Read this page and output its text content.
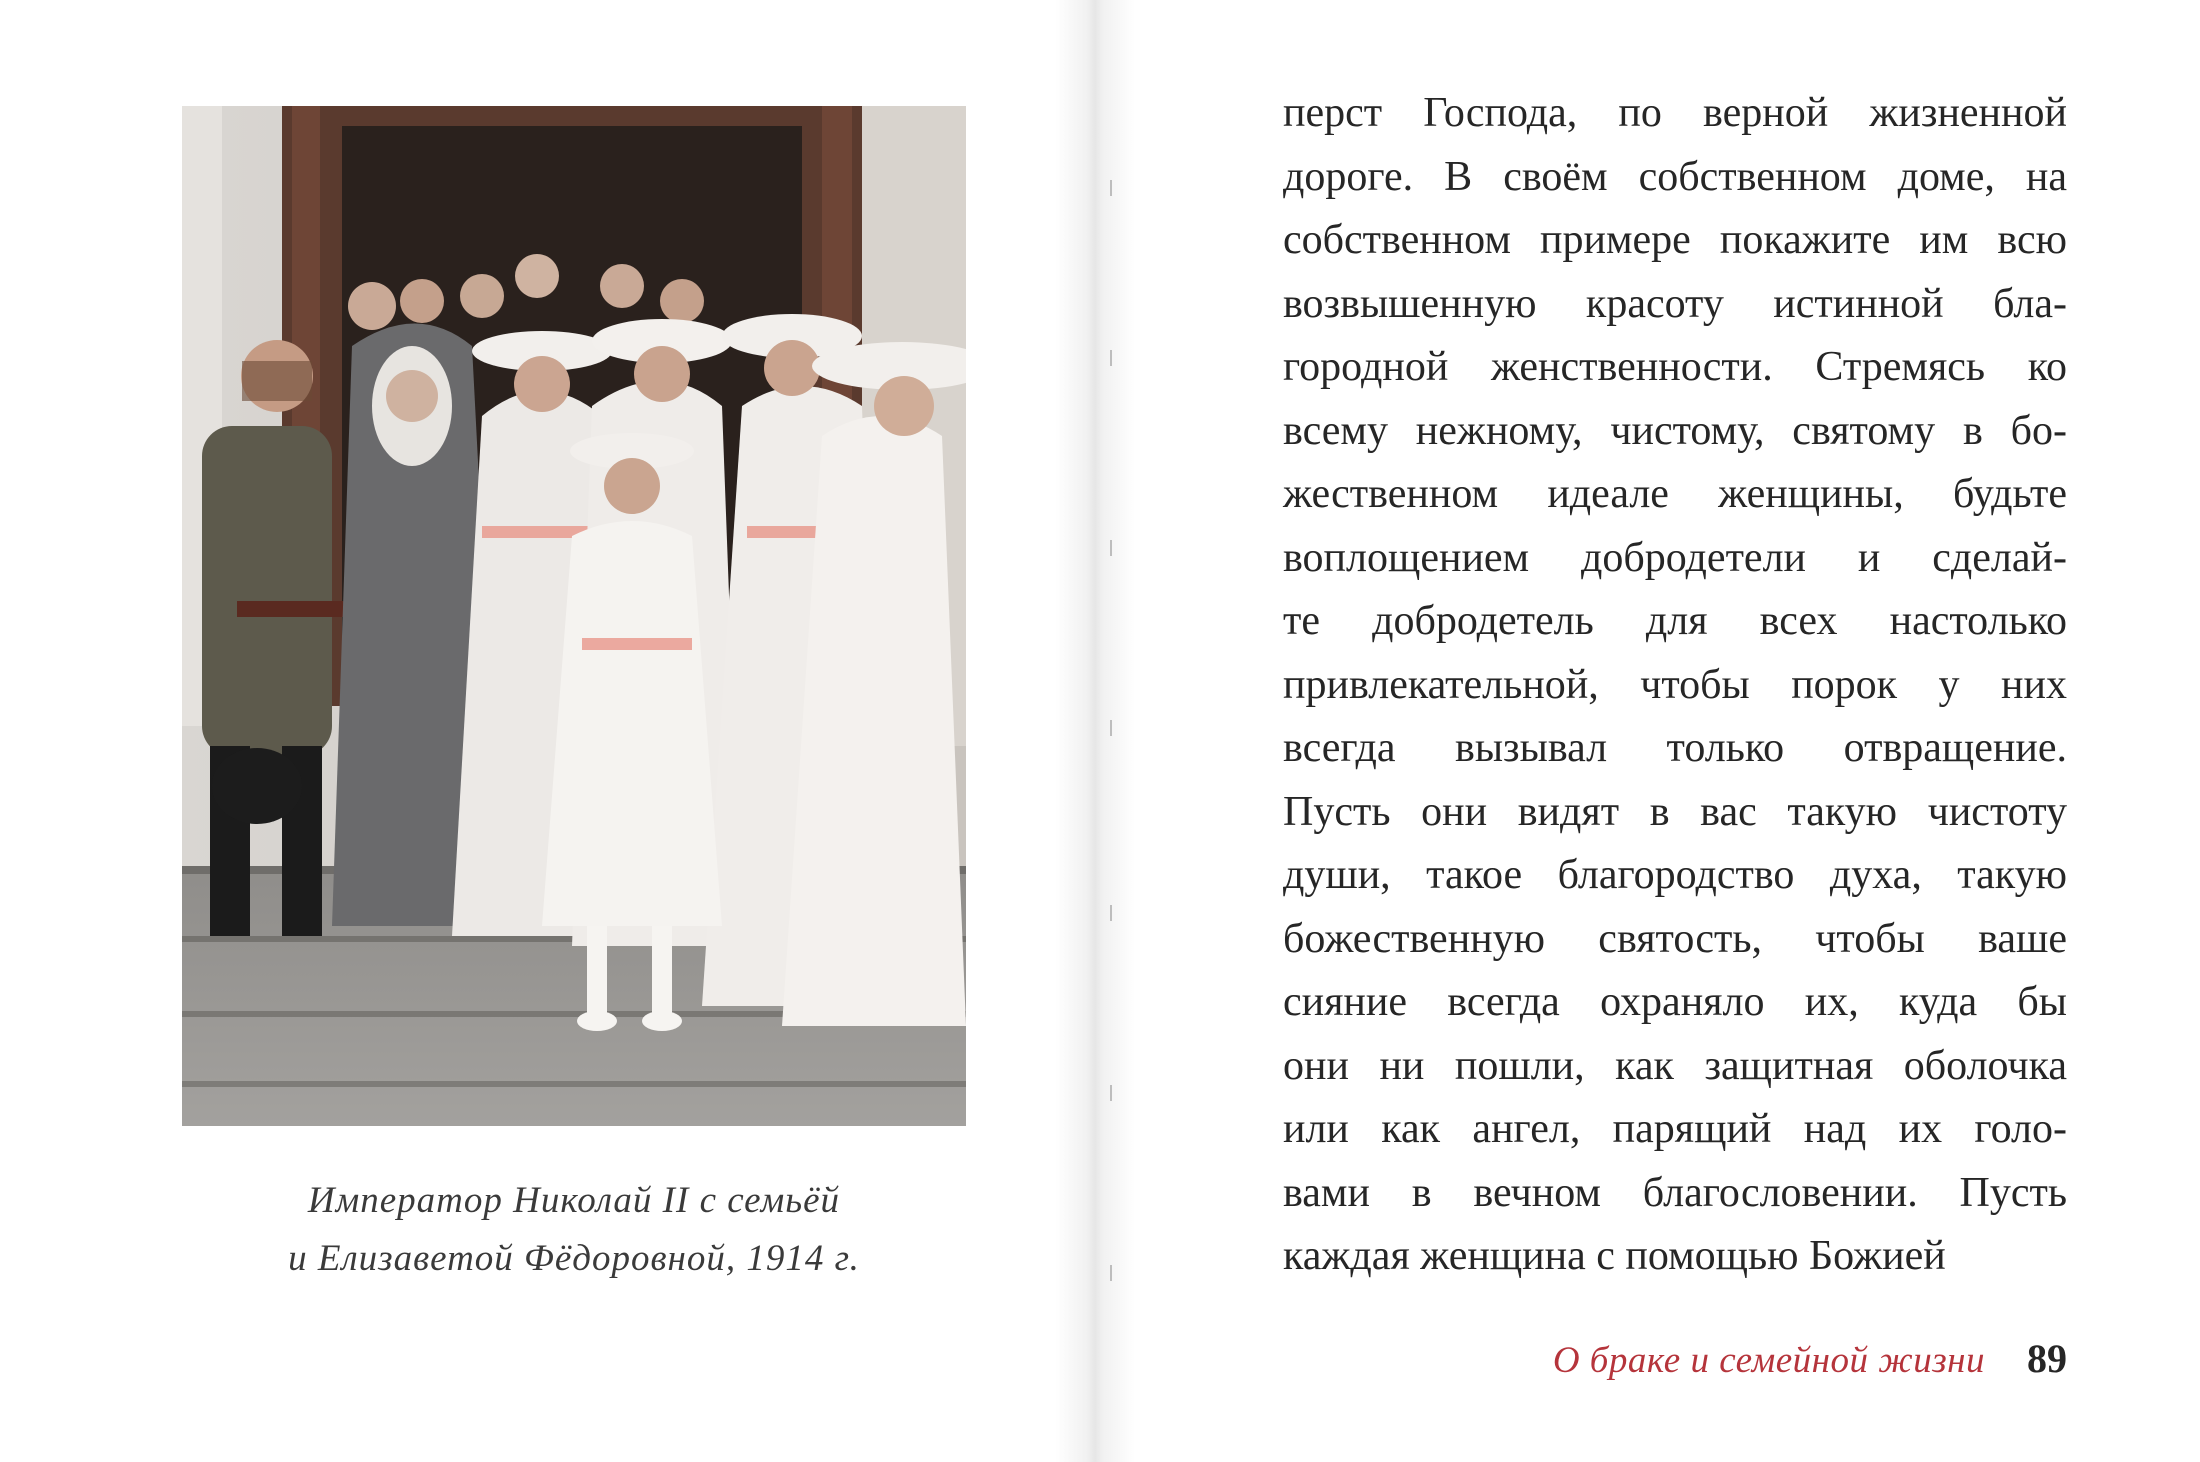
Император Николай II с семьёй
и Елизаветой Фёдоровной, 1914 г.
перст Господа, по верной жизненной
дороге. В своём собственном доме, на
собственном примере покажите им всю
возвышенную красоту истинной бла-
городной женственности. Стремясь ко
всему нежному, чистому, святому в бо-
жественном идеале женщины, будьте
воплощением добродетели и сделай-
те добродетель для всех настолько
привлекательной, чтобы порок у них
всегда вызывал только отвращение.
Пусть они видят в вас такую чистоту
души, такое благородство духа, такую
божественную святость, чтобы ваше
сияние всегда охраняло их, куда бы
они ни пошли, как защитная оболочка
или как ангел, парящий над их голо-
вами в вечном благословении. Пусть
каждая женщина с помощью Божией
О браке и семейной жизни 89
